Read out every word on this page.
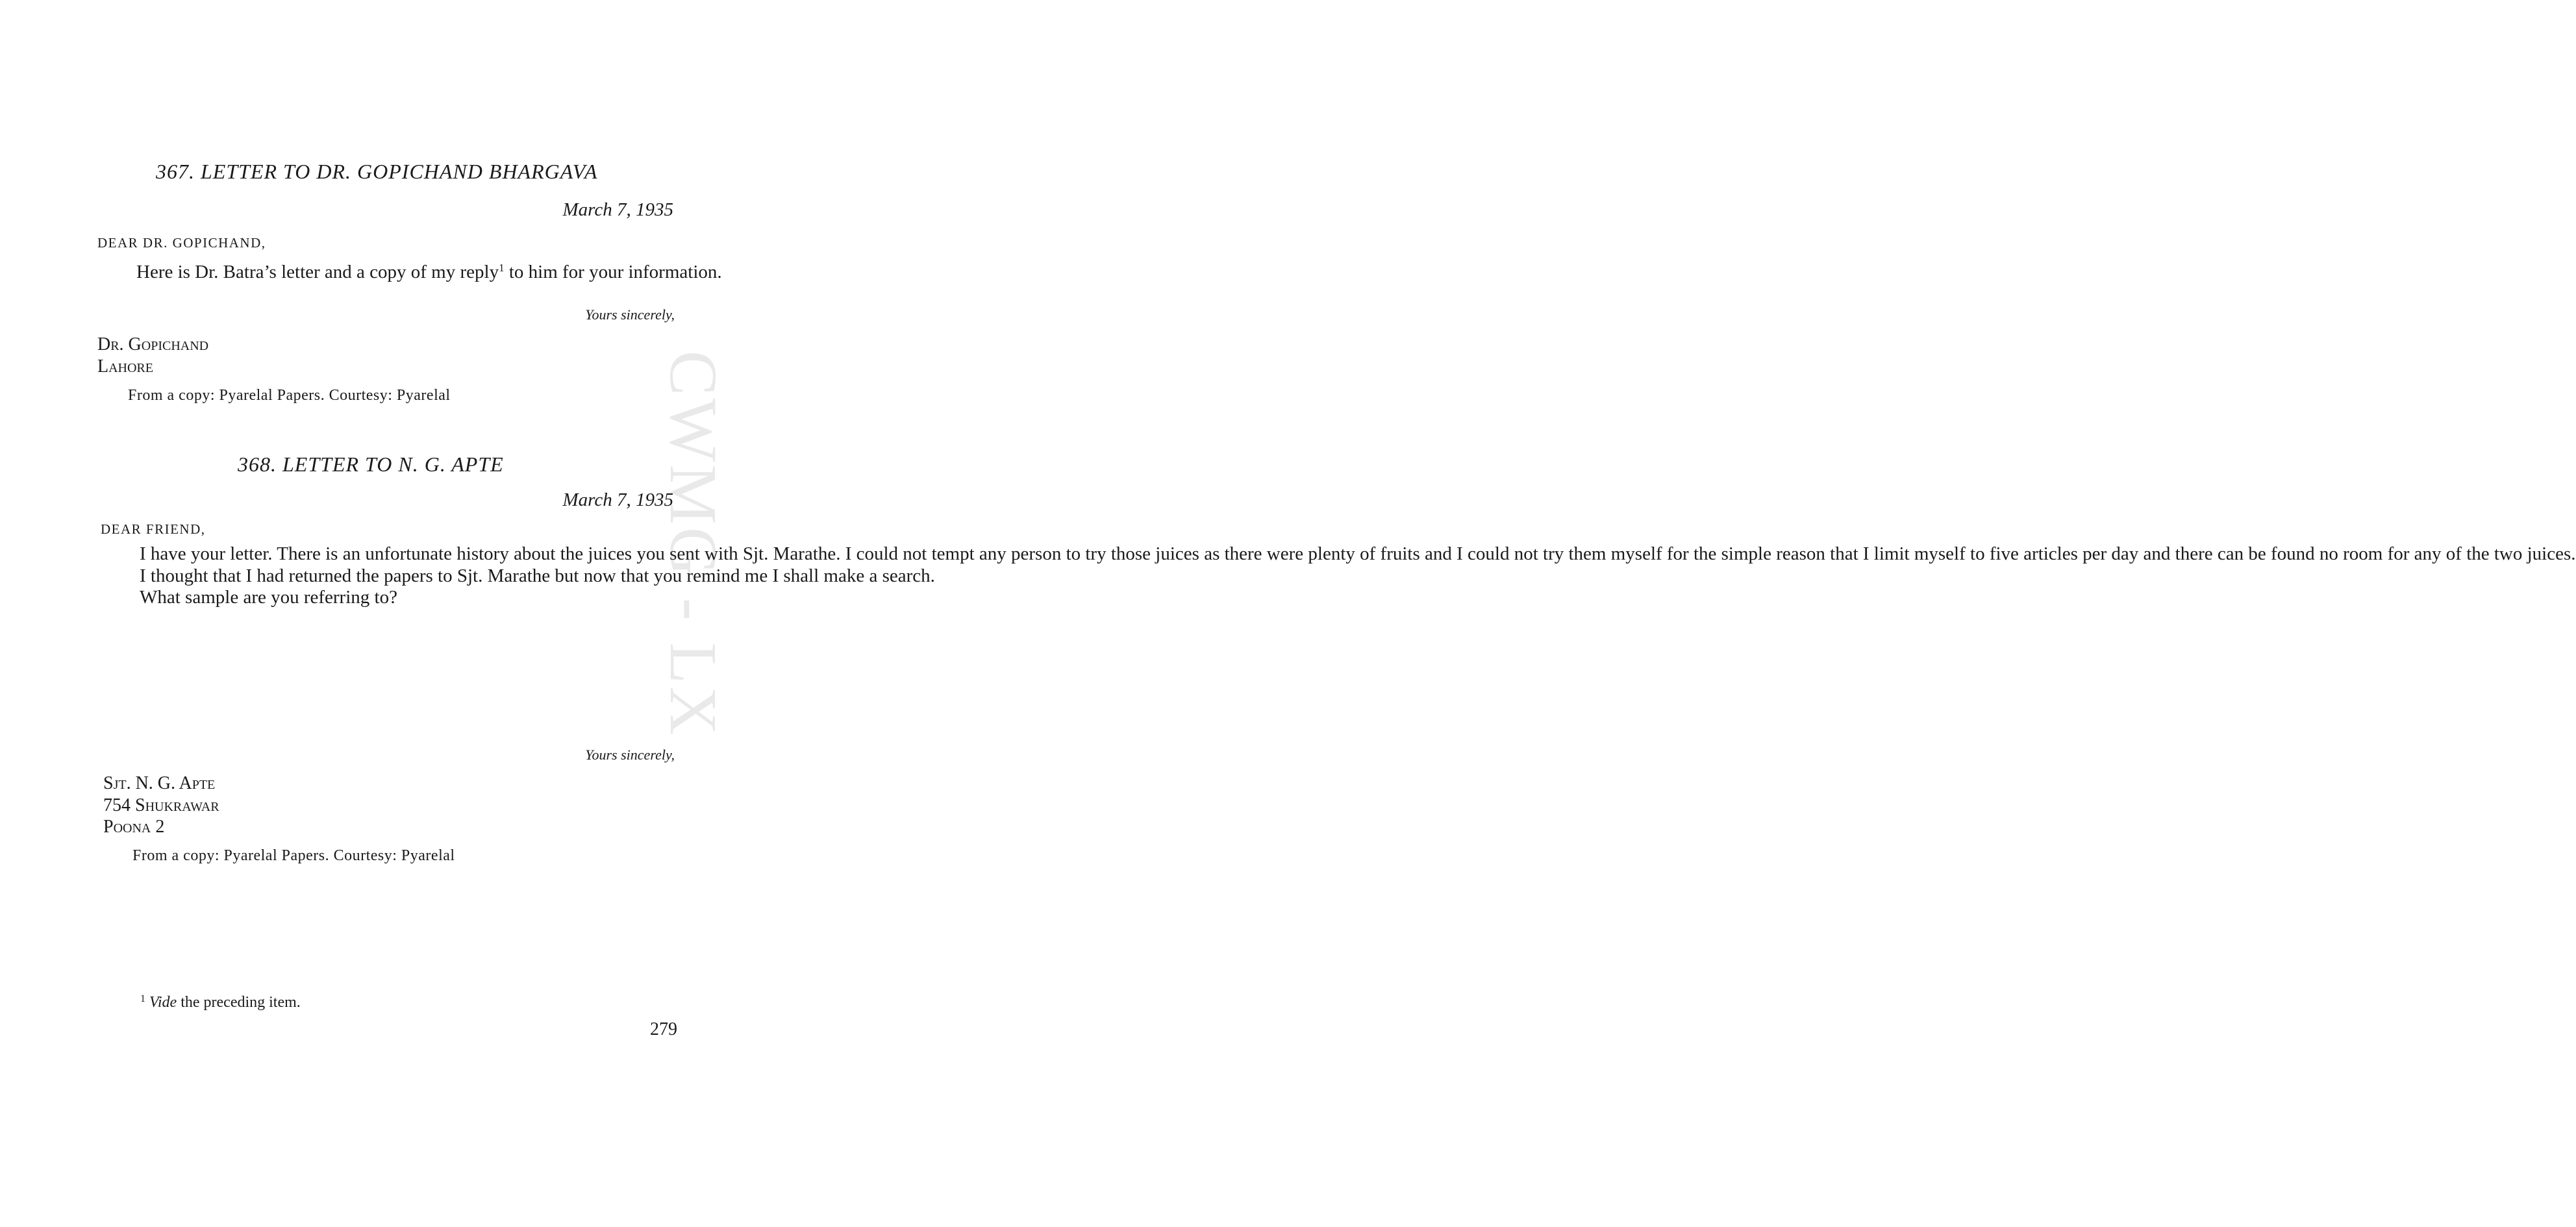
CWMG - LX
367. LETTER TO DR. GOPICHAND BHARGAVA
March 7, 1935
DEAR DR. GOPICHAND,

Here is Dr. Batra’s letter and a copy of my reply$^1$ to him for your information.

Yours sincerely,
Dr. Gopichand
Lahore
From a copy: Pyarelal Papers. Courtesy: Pyarelal
368. LETTER TO N. G. APTE
March 7, 1935
DEAR FRIEND,

I have your letter. There is an unfortunate history about the juices you sent with Sjt. Marathe. I could not tempt any person to try those juices as there were plenty of fruits and I could not try them myself for the simple reason that I limit myself to five articles per day and there can be found no room for any of the two juices.

I thought that I had returned the papers to Sjt. Marathe but now that you remind me I shall make a search.

What sample are you referring to?

Yours sincerely,
Sjt. N. G. Apte
754 Shukrawar
Poona 2
From a copy: Pyarelal Papers. Courtesy: Pyarelal
$^1$ Vide the preceding item.
279
